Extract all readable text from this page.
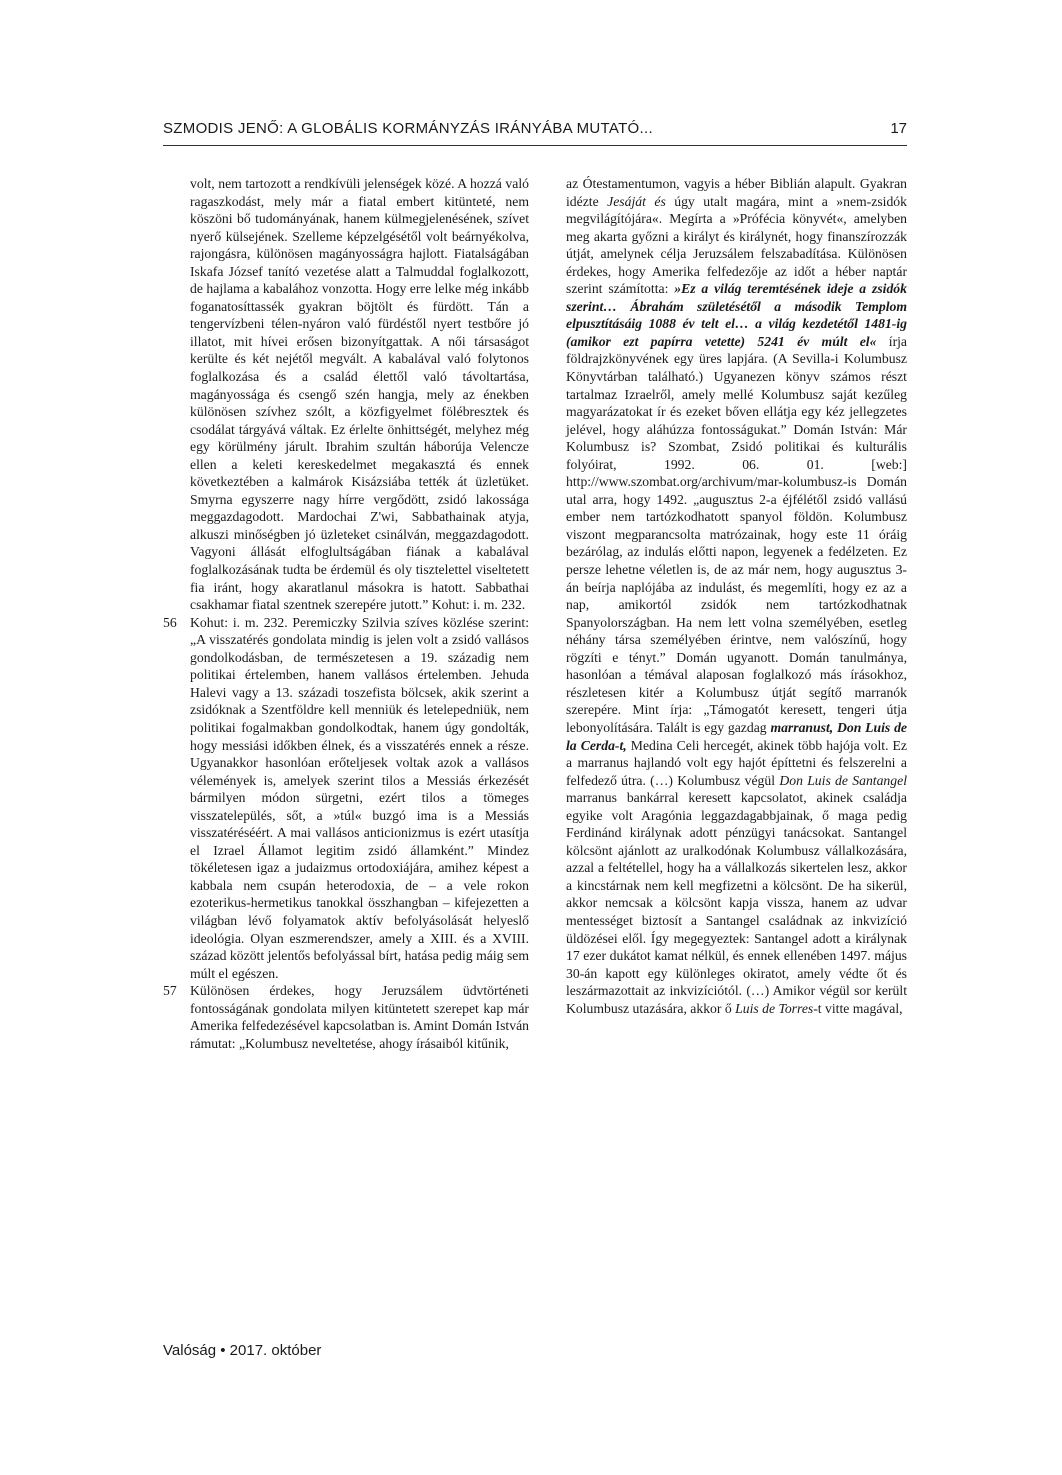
SZMODIS JENŐ: A GLOBÁLIS KORMÁNYZÁS IRÁNYÁBA MUTATÓ...	17
volt, nem tartozott a rendkívüli jelenségek közé. A hozzá való ragaszkodást, mely már a fiatal embert kitünteté, nem köszöni bő tudományának, hanem külmegjelenésének, szívet nyerő külsejének. Szelleme képzelgésétől volt beárnyékolva, rajongásra, különösen magányosságra hajlott. Fiatalságában Iskafa József tanító vezetése alatt a Talmuddal foglalkozott, de hajlama a kabalához vonzotta. Hogy erre lelke még inkább foganatosíttassék gyakran böjtölt és fürdött. Tán a tengervízbeni télen-nyáron való fürdéstől nyert testbőre jó illatot, mit hívei erősen bizonyítgattak. A női társaságot kerülte és két nejétől megvált. A kabalával való folytonos foglalkozása és a család élettől való távoltartása, magányossága és csengő szén hangja, mely az énekben különösen szívhez szólt, a közfigyelmet fölébresztek és csodálat tárgyává váltak. Ez érlelte önhittségét, melyhez még egy körülmény járult. Ibrahim szultán háborúja Velencze ellen a keleti kereskedelmet megakasztá és ennek következtében a kalmárok Kisázsiába tették át üzletüket. Smyrna egyszerre nagy hírre vergődött, zsidó lakossága meggazdagodott. Mardochai Z'wi, Sabbathainak atyja, alkuszi minőségben jó üzleteket csinálván, meggazdagodott. Vagyoni állását elfoglultságában fiának a kabalával foglalkozásának tudta be érdemül és oly tisztelettel viseltetett fia iránt, hogy akaratlanul másokra is hatott. Sabbathai csakhamar fiatal szentnek szerepére jutott.” Kohut: i. m. 232.
56 Kohut: i. m. 232. Peremiczky Szilvia szíves közlése szerint: „A visszatérés gondolata mindig is jelen volt a zsidó vallásos gondolkodásban, de természetesen a 19. századig nem politikai értelemben, hanem vallásos értelemben. Jehuda Halevi vagy a 13. századi toszefista bölcsek, akik szerint a zsidóknak a Szentföldre kell menniük és letelepedniük, nem politikai fogalmakban gondolkodtak, hanem úgy gondolták, hogy messiási időkben élnek, és a visszatérés ennek a része. Ugyanakkor hasonlóan erőteljesek voltak azok a vallásos vélemények is, amelyek szerint tilos a Messiás érkezését bármilyen módon sürgetni, ezért tilos a tömeges visszatelepülés, sőt, a »túl« buzgó ima is a Messiás visszatéréséért. A mai vallásos anticionizmus is ezért utasítja el Izrael Államot legitim zsidó államként.” Mindez tökéletesen igaz a judaizmus ortodoxiájára, amihez képest a kabbala nem csupán heterodoxia, de – a vele rokon ezoterikus-hermetikus tanokkal összhangban – kifejezetten a világban lévő folyamatok aktív befolyásolását helyeslő ideológia. Olyan eszmerendszer, amely a XIII. és a XVIII. század között jelentős befolyással bírt, hatása pedig máig sem múlt el egészen.
57 Különösen érdekes, hogy Jeruzsálem üdvtörténeti fontosságának gondolata milyen kitüntetett szerepet kap már Amerika felfedezésével kapcsolatban is. Amint Domán István rámutat: „Kolumbusz neveltetése, ahogy írásaiból kitűnik,
az Ótestamentumon, vagyis a héber Biblián alapult. Gyakran idézte Jesáját és úgy utalt magára, mint a »nem-zsidók megvilágítójára«. Megírta a »Prófécia könyvét«, amelyben meg akarta győzni a királyt és királynét, hogy finanszírozzák útját, amelynek célja Jeruzsálem felszabadítása. Különösen érdekes, hogy Amerika felfedezője az időt a héber naptár szerint számította: »Ez a világ teremtésének ideje a zsidók szerint… Ábrahám születésétől a második Templom elpusztításáig 1088 év telt el… a világ kezdetétől 1481-ig (amikor ezt papírra vetette) 5241 év múlt el« írja földrajzkönyvének egy üres lapjára. (A Sevilla-i Kolumbusz Könyvtárban található.) Ugyanezen könyv számos részt tartalmaz Izraelről, amely mellé Kolumbusz saját kezűleg magyarázatokat ír és ezeket bőven ellátja egy kéz jellegzetes jelével, hogy aláhúzza fontosságukat.” Domán István: Már Kolumbusz is? Szombat, Zsidó politikai és kulturális folyóirat, 1992. 06. 01. [web:] http://www.szombat.org/archivum/mar-kolumbusz-is Domán utal arra, hogy 1492. „augusztus 2-a éjfélétől zsidó vallású ember nem tartózkodhatott spanyol földön. Kolumbusz viszont megparancsolta matrózainak, hogy este 11 óráig bezárólag, az indulás előtti napon, legyenek a fedélzeten. Ez persze lehetne véletlen is, de az már nem, hogy augusztus 3-án beírja naplójába az indulást, és megemlíti, hogy ez az a nap, amikortól zsidók nem tartózkodhatnak Spanyolországban. Ha nem lett volna személyében, esetleg néhány társa személyében érintve, nem valószínű, hogy rögzíti e tényt.” Domán ugyanott. Domán tanulmánya, hasonlóan a témával alaposan foglalkozó más írásokhoz, részletesen kitér a Kolumbusz útját segítő marranók szerepére. Mint írja: „Támogatót keresett, tengeri útja lebonyolítására. Talált is egy gazdag marranust, Don Luis de la Cerda-t, Medina Celi hercegét, akinek több hajója volt. Ez a marranus hajlandó volt egy hajót építtetni és felszerelni a felfedező útra. (…) Kolumbusz végül Don Luis de Santangel marranus bankárral keresett kapcsolatot, akinek családja egyike volt Aragónia leggazdagabbjainak, ő maga pedig Ferdinánd királynak adott pénzügyi tanácsokat. Santangel kölcsönt ajánlott az uralkodónak Kolumbusz vállalkozására, azzal a feltétellel, hogy ha a vállalkozás sikertelen lesz, akkor a kincstárnak nem kell megfizetni a kölcsönt. De ha sikerül, akkor nemcsak a kölcsönt kapja vissza, hanem az udvar mentességet biztosít a Santangel családnak az inkvizíció üldözései elől. Így megegyeztek: Santangel adott a királynak 17 ezer dukátot kamat nélkül, és ennek ellenében 1497. május 30-án kapott egy különleges okiratot, amely védte őt és leszármazottait az inkvizíciótól. (…) Amikor végül sor került Kolumbusz utazására, akkor ő Luis de Torres-t vitte magával,
Valóság • 2017. október
